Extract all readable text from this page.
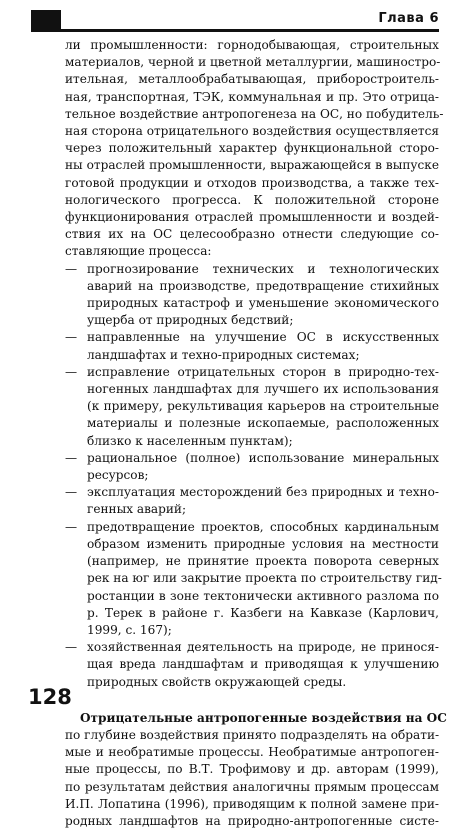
Глава 6
ли промышленности: горнодобывающая, строительных
материалов, черной и цветной металлургии, машиностро-
ительная, металлообрабатывающая, приборостроитель-
ная, транспортная, ТЭК, коммунальная и пр. Это отрица-
тельное воздействие антропогенеза на ОС, но побудитель-
ная сторона отрицательного воздействия осуществляется
через положительный характер функциональной сторо-
ны отраслей промышленности, выражающейся в выпуске
готовой продукции и отходов производства, а также тех-
нологического прогресса. К положительной стороне
функционирования отраслей промышленности и воздей-
ствия их на ОС целесообразно отнести следующие со-
ставляющие процесса:
— прогнозирование технических и технологических
аварий на производстве, предотвращение стихийных
природных катастроф и уменьшение экономического
ущерба от природных бедствий;
— направленные на улучшение ОС в искусственных
ландшафтах и техно-природных системах;
— исправление отрицательных сторон в природно-тех-
ногенных ландшафтах для лучшего их использования
(к примеру, рекультивация карьеров на строительные
материалы и полезные ископаемые, расположенных
близко к населенным пунктам);
— рациональное (полное) использование минеральных
ресурсов;
— эксплуатация месторождений без природных и техно-
генных аварий;
— предотвращение проектов, способных кардинальным
образом изменить природные условия на местности
(например, не принятие проекта поворота северных
рек на юг или закрытие проекта по строительству гид-
ростанции в зоне тектонически активного разлома по
р. Терек в районе г. Казбеги на Кавказе (Карлович,
1999, с. 167);
— хозяйственная деятельность на природе, не принося-
щая вреда ландшафтам и приводящая к улучшению
природных свойств окружающей среды.
Отрицательные антропогенные воздействия на ОС
по глубине воздействия принято подразделять на обрати-
мые и необратимые процессы. Необратимые антропоген-
ные процессы, по В.Т. Трофимову и др. авторам (1999),
по результатам действия аналогичны прямым процессам
И.П. Лопатина (1996), приводящим к полной замене при-
родных ландшафтов на природно-антропогенные систе-
128
